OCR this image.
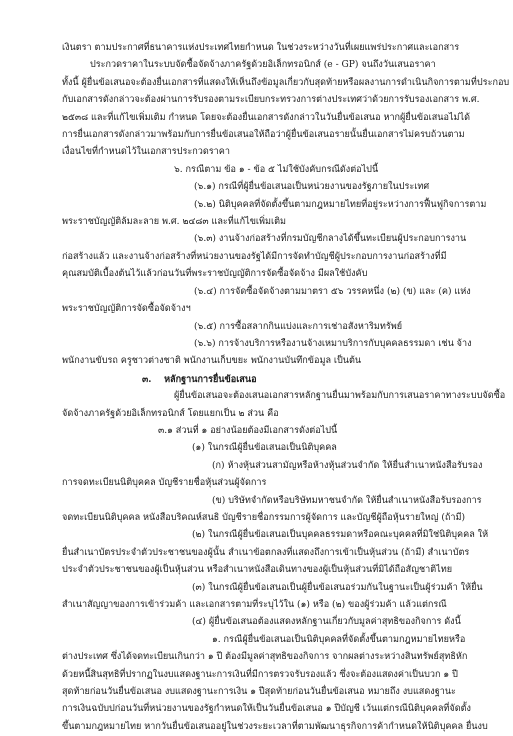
เงินตรา ตามประกาศที่ธนาคารแห่งประเทศไทยกำหนด ในช่วงระหว่างวันที่เผยแพร่ประกาศและเอกสาร
ประกวดราคาในระบบจัดซื้อจัดจ้างภาครัฐด้วยอิเล็กทรอนิกส์ (e - GP) จนถึงวันเสนอราคา
ทั้งนี้ ผู้ยื่นข้อเสนอจะต้องยื่นเอกสารที่แสดงให้เห็นถึงข้อมูลเกี่ยวกับสุดท้ายหรือผลงานการดำเนินกิจการตามที่ประกอบ
กับเอกสารดังกล่าวจะต้องผ่านการรับรองตามระเบียบกระทรวงการต่างประเทศว่าด้วยการรับรองเอกสาร พ.ศ.
๒๕๓๘ และที่แก้ไขเพิ่มเติม กำหนด โดยจะต้องยื่นเอกสารดังกล่าวในวันยื่นข้อเสนอ หากผู้ยื่นข้อเสนอไม่ได้
การยื่นเอกสารดังกล่าวมาพร้อมกับการยื่นข้อเสนอให้ถือว่าผู้ยื่นข้อเสนอรายนั้นยื่นเอกสารไม่ครบถ้วนตาม
เงื่อนไขที่กำหนดไว้ในเอกสารประกวดราคา
๖. กรณีตาม ข้อ ๑ - ข้อ ๕ ไม่ใช้บังคับกรณีดังต่อไปนี้
(๖.๑) กรณีที่ผู้ยื่นข้อเสนอเป็นหน่วยงานของรัฐภายในประเทศ
(๖.๒) นิติบุคคลที่จัดตั้งขึ้นตามกฎหมายไทยที่อยู่ระหว่างการฟื้นฟูกิจการตาม
พระราชบัญญัติล้มละลาย พ.ศ. ๒๔๘๓ และที่แก้ไขเพิ่มเติม
(๖.๓) งานจ้างก่อสร้างที่กรมบัญชีกลางได้ขึ้นทะเบียนผู้ประกอบการงาน
ก่อสร้างแล้ว และงานจ้างก่อสร้างที่หน่วยงานของรัฐได้มีการจัดทำบัญชีผู้ประกอบการงานก่อสร้างที่มี
คุณสมบัติเบื้องต้นไว้แล้วก่อนวันที่พระราชบัญญัติการจัดซื้อจัดจ้าง มีผลใช้บังคับ
(๖.๔) การจัดซื้อจัดจ้างตามมาตรา ๕๖ วรรคหนึ่ง (๒) (ข) และ (ค) แห่ง
พระราชบัญญัติการจัดซื้อจัดจ้างฯ
(๖.๕) การซื้อสลากกินแบ่งและการเช่าอสังหาริมทรัพย์
(๖.๖) การจ้างบริการหรืองานจ้างเหมาบริการกับบุคคลธรรมดา เช่น จ้าง
พนักงานขับรถ ครูชาวต่างชาติ พนักงานเก็บขยะ พนักงานบันทึกข้อมูล เป็นต้น
๓. หลักฐานการยื่นข้อเสนอ
ผู้ยื่นข้อเสนอจะต้องเสนอเอกสารหลักฐานยื่นมาพร้อมกับการเสนอราคาทางระบบจัดซื้อ
จัดจ้างภาครัฐด้วยอิเล็กทรอนิกส์ โดยแยกเป็น ๒ ส่วน คือ
๓.๑ ส่วนที่ ๑ อย่างน้อยต้องมีเอกสารดังต่อไปนี้
(๑) ในกรณีผู้ยื่นข้อเสนอเป็นนิติบุคคล
(ก) ห้างหุ้นส่วนสามัญหรือห้างหุ้นส่วนจำกัด ให้ยื่นสำเนาหนังสือรับรอง
การจดทะเบียนนิติบุคคล บัญชีรายชื่อหุ้นส่วนผู้จัดการ
(ข) บริษัทจำกัดหรือบริษัทมหาชนจำกัด ให้ยื่นสำเนาหนังสือรับรองการ
จดทะเบียนนิติบุคคล หนังสือบริคณห์สนธิ บัญชีรายชื่อกรรมการผู้จัดการ และบัญชีผู้ถือหุ้นรายใหญ่ (ถ้ามี)
(๒) ในกรณีผู้ยื่นข้อเสนอเป็นบุคคลธรรมดาหรือคณะบุคคลที่มิใช่นิติบุคคล ให้
ยื่นสำเนาบัตรประจำตัวประชาชนของผู้นั้น สำเนาข้อตกลงที่แสดงถึงการเข้าเป็นหุ้นส่วน (ถ้ามี) สำเนาบัตร
ประจำตัวประชาชนของผู้เป็นหุ้นส่วน หรือสำเนาหนังสือเดินทางของผู้เป็นหุ้นส่วนที่มิได้ถือสัญชาติไทย
(๓) ในกรณีผู้ยื่นข้อเสนอเป็นผู้ยื่นข้อเสนอร่วมกันในฐานะเป็นผู้ร่วมค้า ให้ยื่น
สำเนาสัญญาของการเข้าร่วมค้า และเอกสารตามที่ระบุไว้ใน (๑) หรือ (๒) ของผู้ร่วมค้า แล้วแต่กรณี
(๔) ผู้ยื่นข้อเสนอต้องแสดงหลักฐานเกี่ยวกับมูลค่าสุทธิของกิจการ ดังนี้
๑. กรณีผู้ยื่นข้อเสนอเป็นนิติบุคคลที่จัดตั้งขึ้นตามกฎหมายไทยหรือ
ต่างประเทศ ซึ่งได้จดทะเบียนเกินกว่า ๑ ปี ต้องมีมูลค่าสุทธิของกิจการ จากผลต่างระหว่างสินทรัพย์สุทธิหัก
ด้วยหนี้สินสุทธิที่ปรากฏในงบแสดงฐานะการเงินที่มีการตรวจรับรองแล้ว ซึ่งจะต้องแสดงค่าเป็นบวก ๑ ปี
สุดท้ายก่อนวันยื่นข้อเสนอ งบแสดงฐานะการเงิน ๑ ปีสุดท้ายก่อนวันยื่นข้อเสนอ หมายถึง งบแสดงฐานะ
การเงินฉบับปก่อนวันที่หน่วยงานของรัฐกำหนดให้เป็นวันยื่นข้อเสนอ ๑ ปีบัญชี เว้นแต่กรณีนิติบุคคลที่จัดตั้ง
ขึ้นตามกฎหมายไทย หากวันยื่นข้อเสนออยู่ในช่วงระยะเวลาที่ตามพัฒนาธุรกิจการค้ากำหนดให้นิติบุคคล ยื่นงบ
